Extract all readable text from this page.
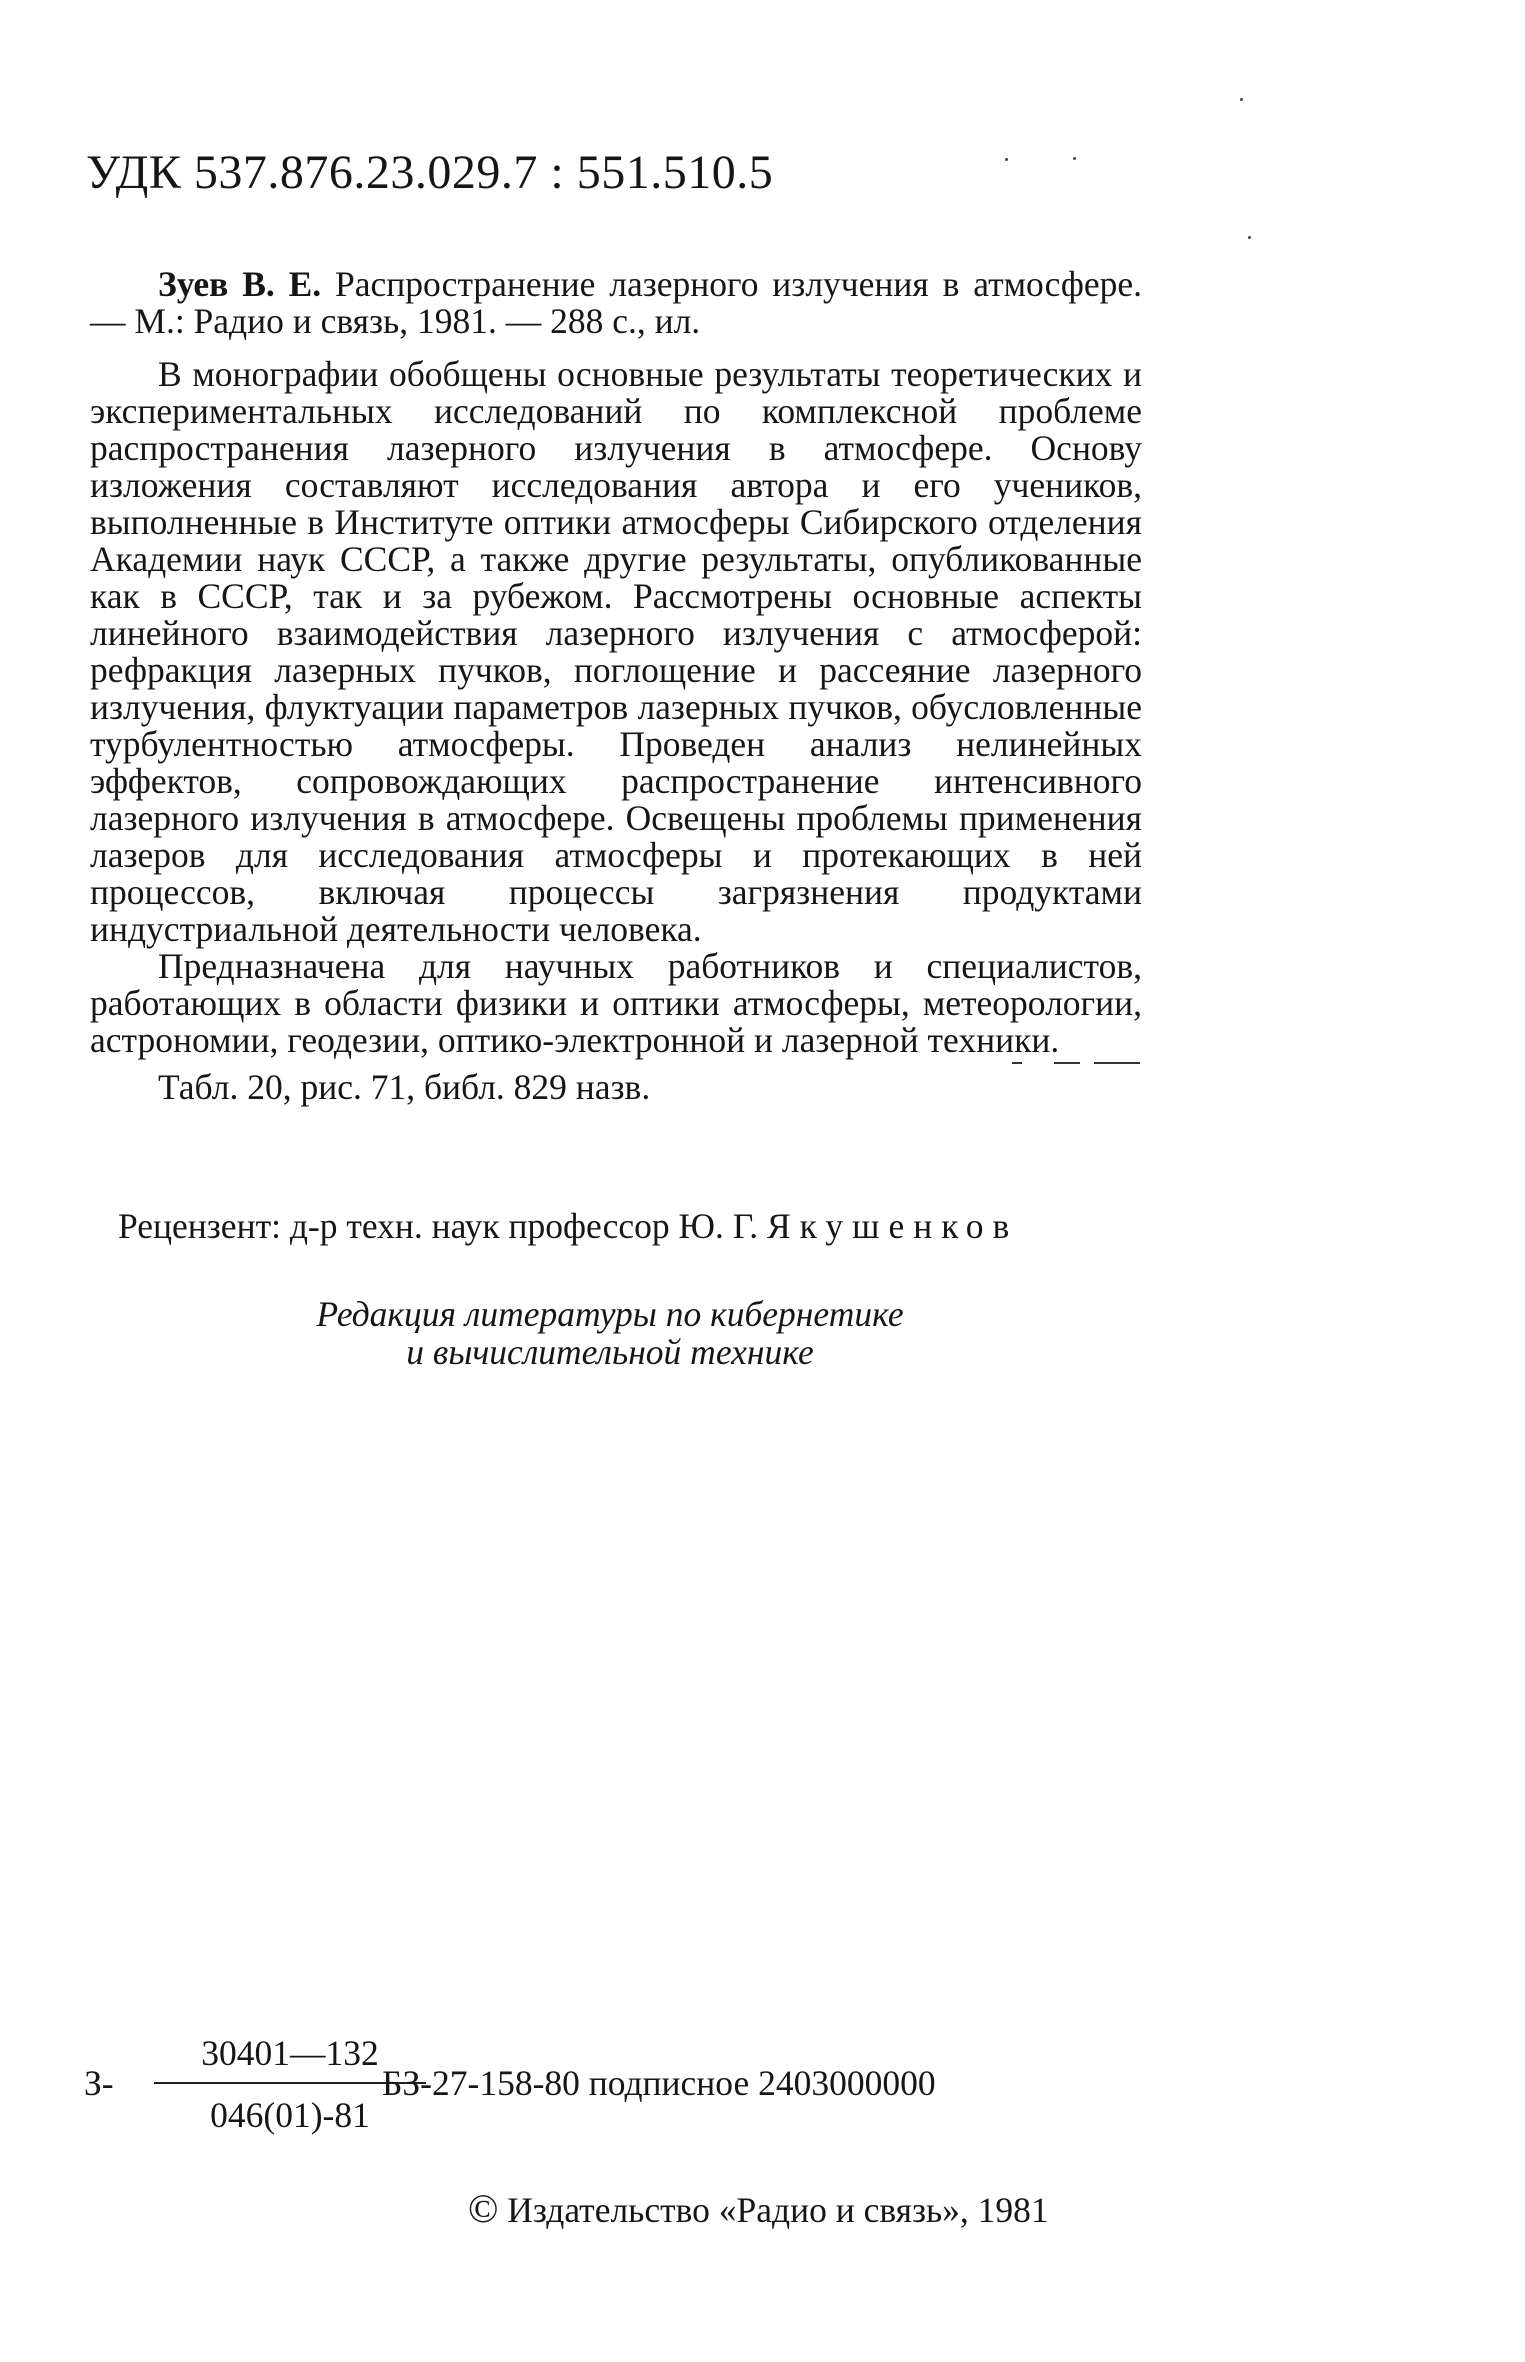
УДК 537.876.23.029.7 : 551.510.5
Зуев В. Е. Распространение лазерного излучения в атмосфере. — М.: Радио и связь, 1981. — 288 с., ил.
В монографии обобщены основные результаты теоретических и экспериментальных исследований по комплексной проблеме распространения лазерного излучения в атмосфере. Основу изложения составляют исследования автора и его учеников, выполненные в Институте оптики атмосферы Сибирского отделения Академии наук СССР, а также другие результаты, опубликованные как в СССР, так и за рубежом. Рассмотрены основные аспекты линейного взаимодействия лазерного излучения с атмосферой: рефракция лазерных пучков, поглощение и рассеяние лазерного излучения, флуктуации параметров лазерных пучков, обусловленные турбулентностью атмосферы. Проведен анализ нелинейных эффектов, сопровождающих распространение интенсивного лазерного излучения в атмосфере. Освещены проблемы применения лазеров для исследования атмосферы и протекающих в ней процессов, включая процессы загрязнения продуктами индустриальной деятельности человека.
Предназначена для научных работников и специалистов, работающих в области физики и оптики атмосферы, метеорологии, астрономии, геодезии, оптико-электронной и лазерной техники.
Табл. 20, рис. 71, библ. 829 назв.
Рецензент: д-р техн. наук профессор Ю. Г. Якушенков
Редакция литературы по кибернетике
и вычислительной технике
З-
30401—132
046(01)-81
БЗ-27-158-80 подписное 2403000000
© Издательство «Радио и связь», 1981
